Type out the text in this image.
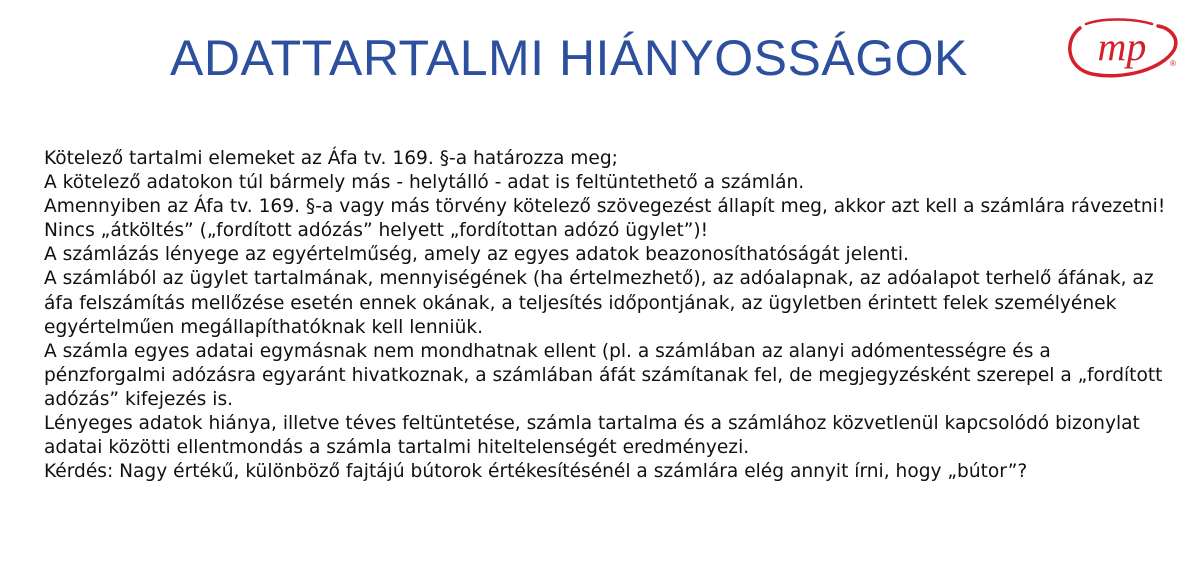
ADATTARTALMI HIÁNYOSSÁGOK	mp	®
Kötelező tartalmi elemeket az Áfa tv. 169. §-a határozza meg;
A kötelező adatokon túl bármely más - helytálló - adat is feltüntethető a számlán.
Amennyiben az Áfa tv. 169. §-a vagy más törvény kötelező szövegezést állapít meg, akkor azt kell a számlára rávezetni! Nincs „átköltés” („fordított adózás” helyett „fordítottan adózó ügylet”)!
A számlázás lényege az egyértelműség, amely az egyes adatok beazonosíthatóságát jelenti.
A számlából az ügylet tartalmának, mennyiségének (ha értelmezhető), az adóalapnak, az adóalapot terhelő áfának, az áfa felszámítás mellőzése esetén ennek okának, a teljesítés időpontjának, az ügyletben érintett felek személyének egyértelműen megállapíthatóknak kell lenniük.
A számla egyes adatai egymásnak nem mondhatnak ellent (pl. a számlában az alanyi adómentességre és a pénzforgalmi adózásra egyaránt hivatkoznak, a számlában áfát számítanak fel, de megjegyzésként szerepel a „fordított adózás” kifejezés is.
Lényeges adatok hiánya, illetve téves feltüntetése, számla tartalma és a számlához közvetlenül kapcsolódó bizonylat adatai közötti ellentmondás a számla tartalmi hiteltelenségét eredményezi.
Kérdés: Nagy értékű, különböző fajtájú bútorok értékesítésénél a számlára elég annyit írni, hogy „bútor”?
